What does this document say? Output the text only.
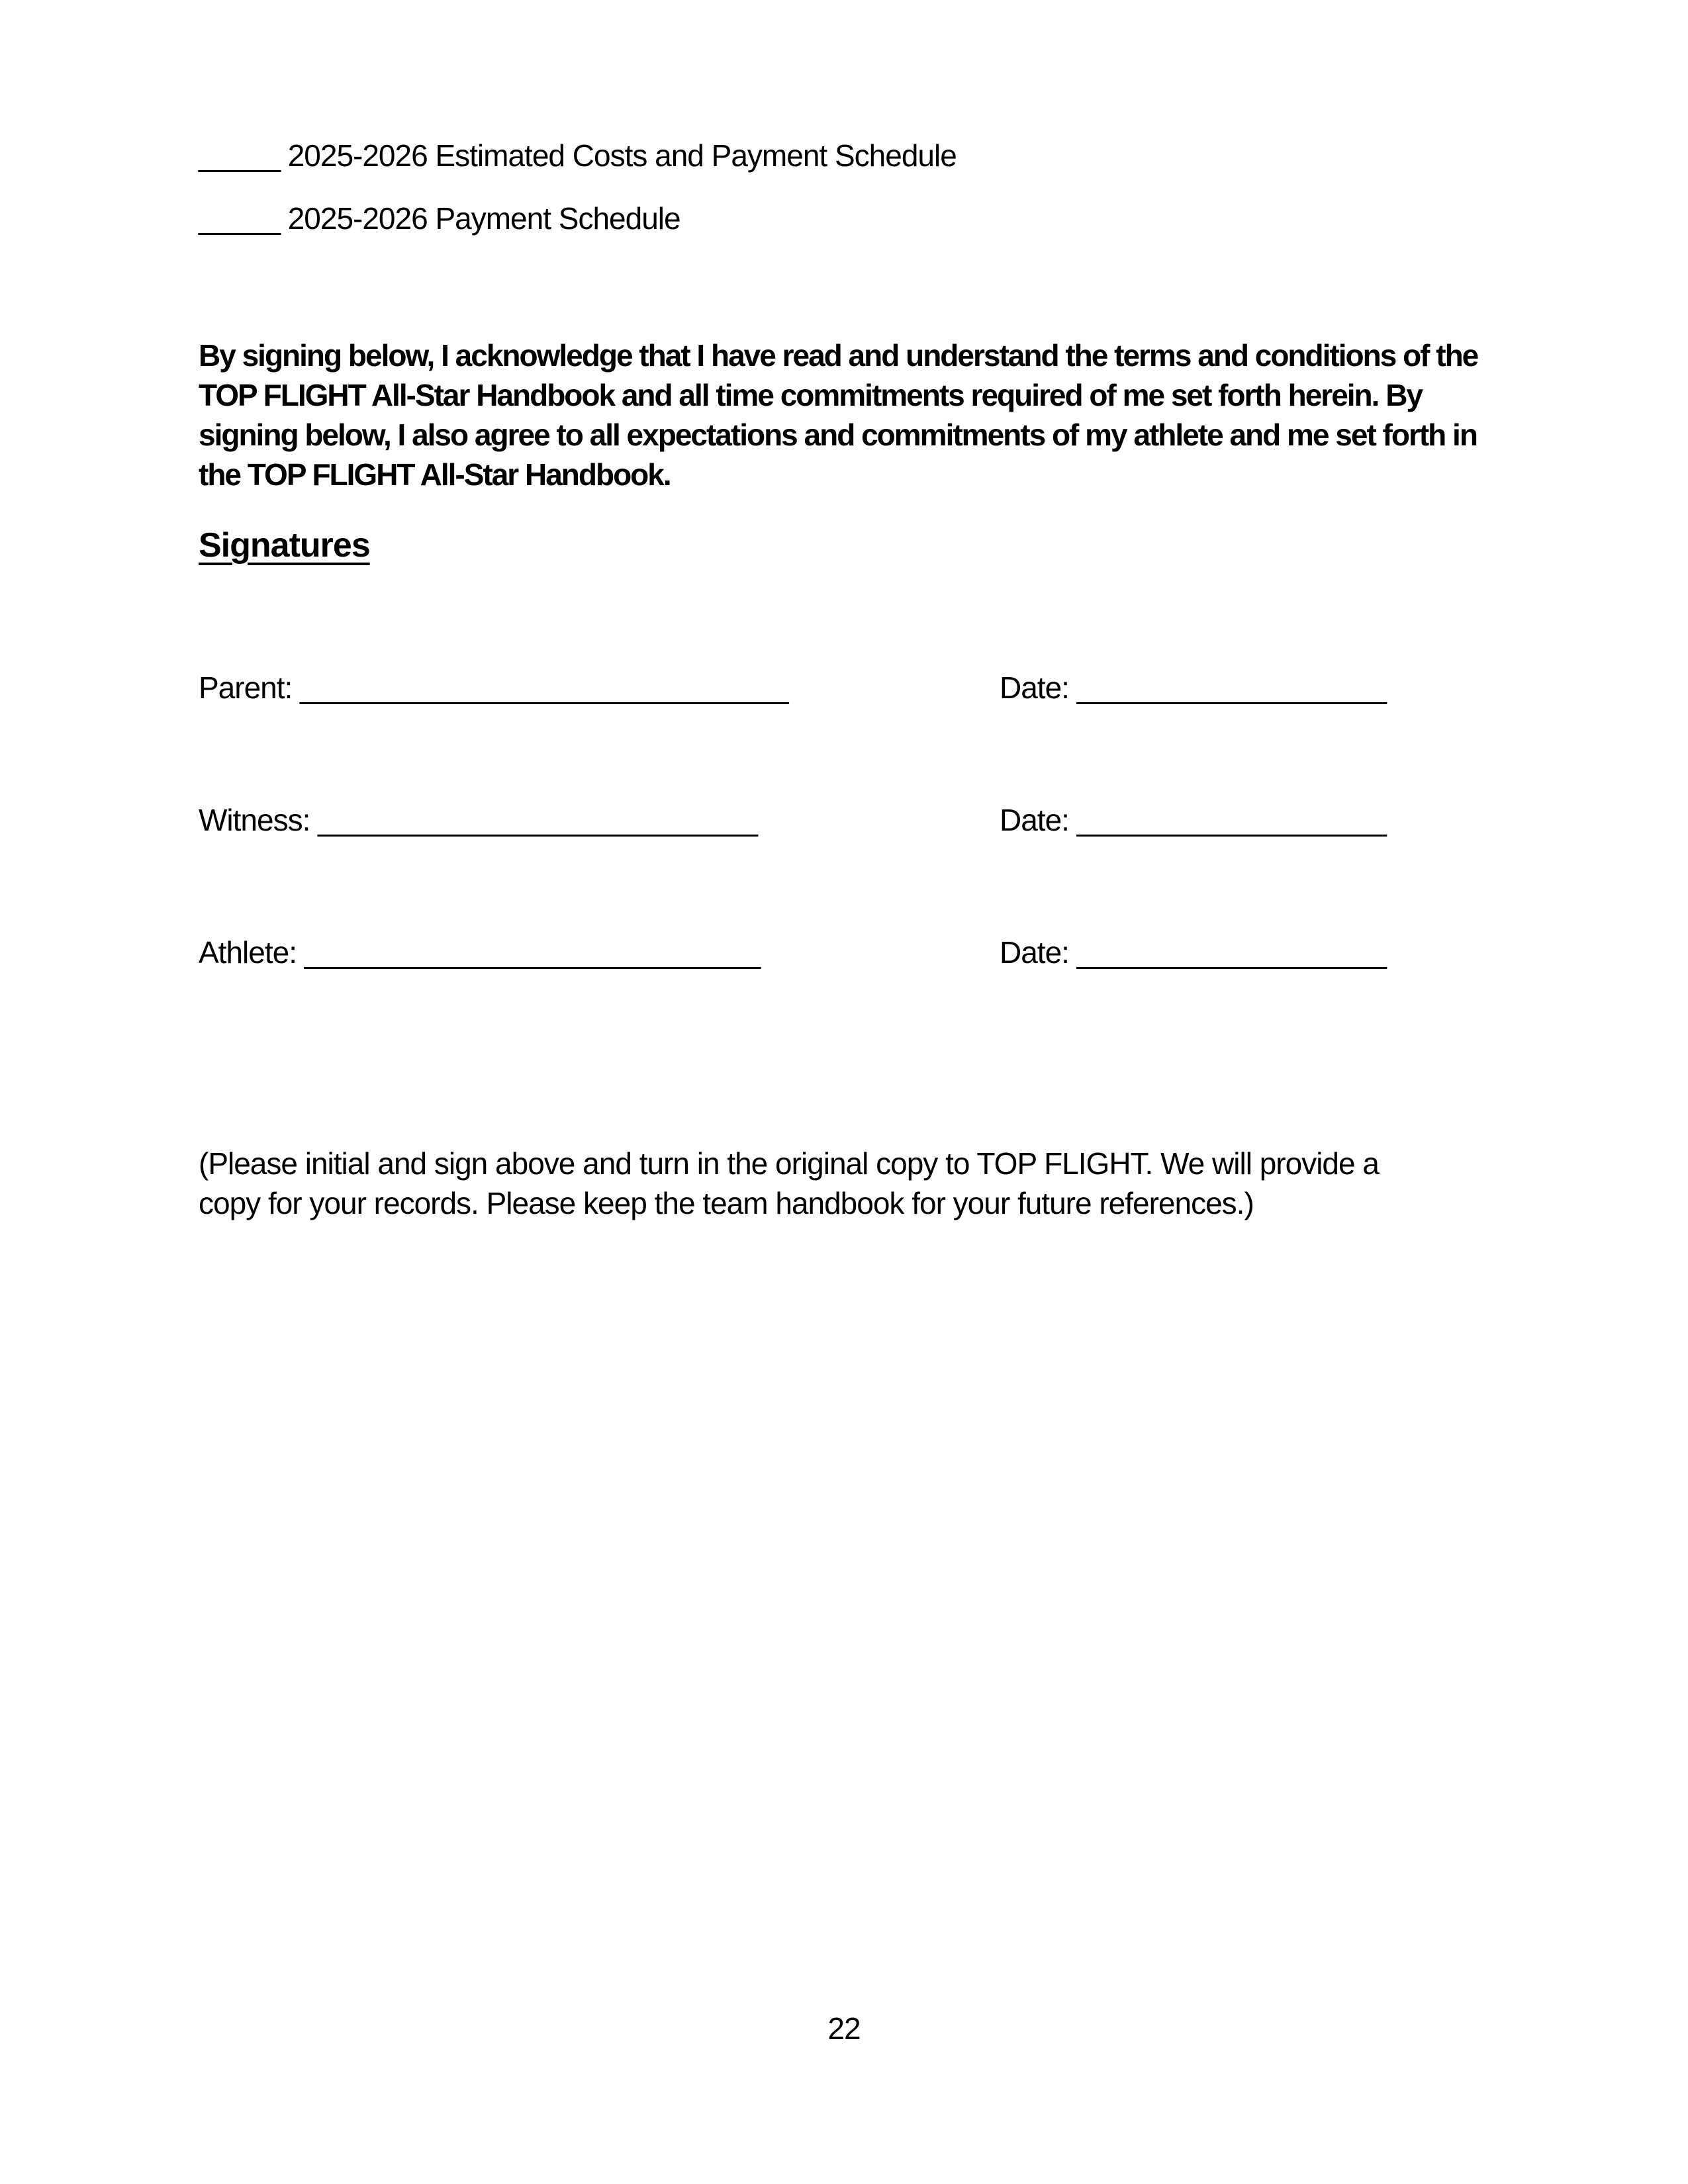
_____ 2025-2026 Estimated Costs and Payment Schedule
_____ 2025-2026 Payment Schedule
By signing below, I acknowledge that I have read and understand the terms and conditions of the TOP FLIGHT All-Star Handbook and all time commitments required of me set forth herein. By signing below, I also agree to all expectations and commitments of my athlete and me set forth in the TOP FLIGHT All-Star Handbook.
Signatures
Parent: ______________________________	Date: ___________________
Witness: ___________________________	Date: ___________________
Athlete: ____________________________	Date: ___________________
(Please initial and sign above and turn in the original copy to TOP FLIGHT. We will provide a copy for your records. Please keep the team handbook for your future references.)
22
